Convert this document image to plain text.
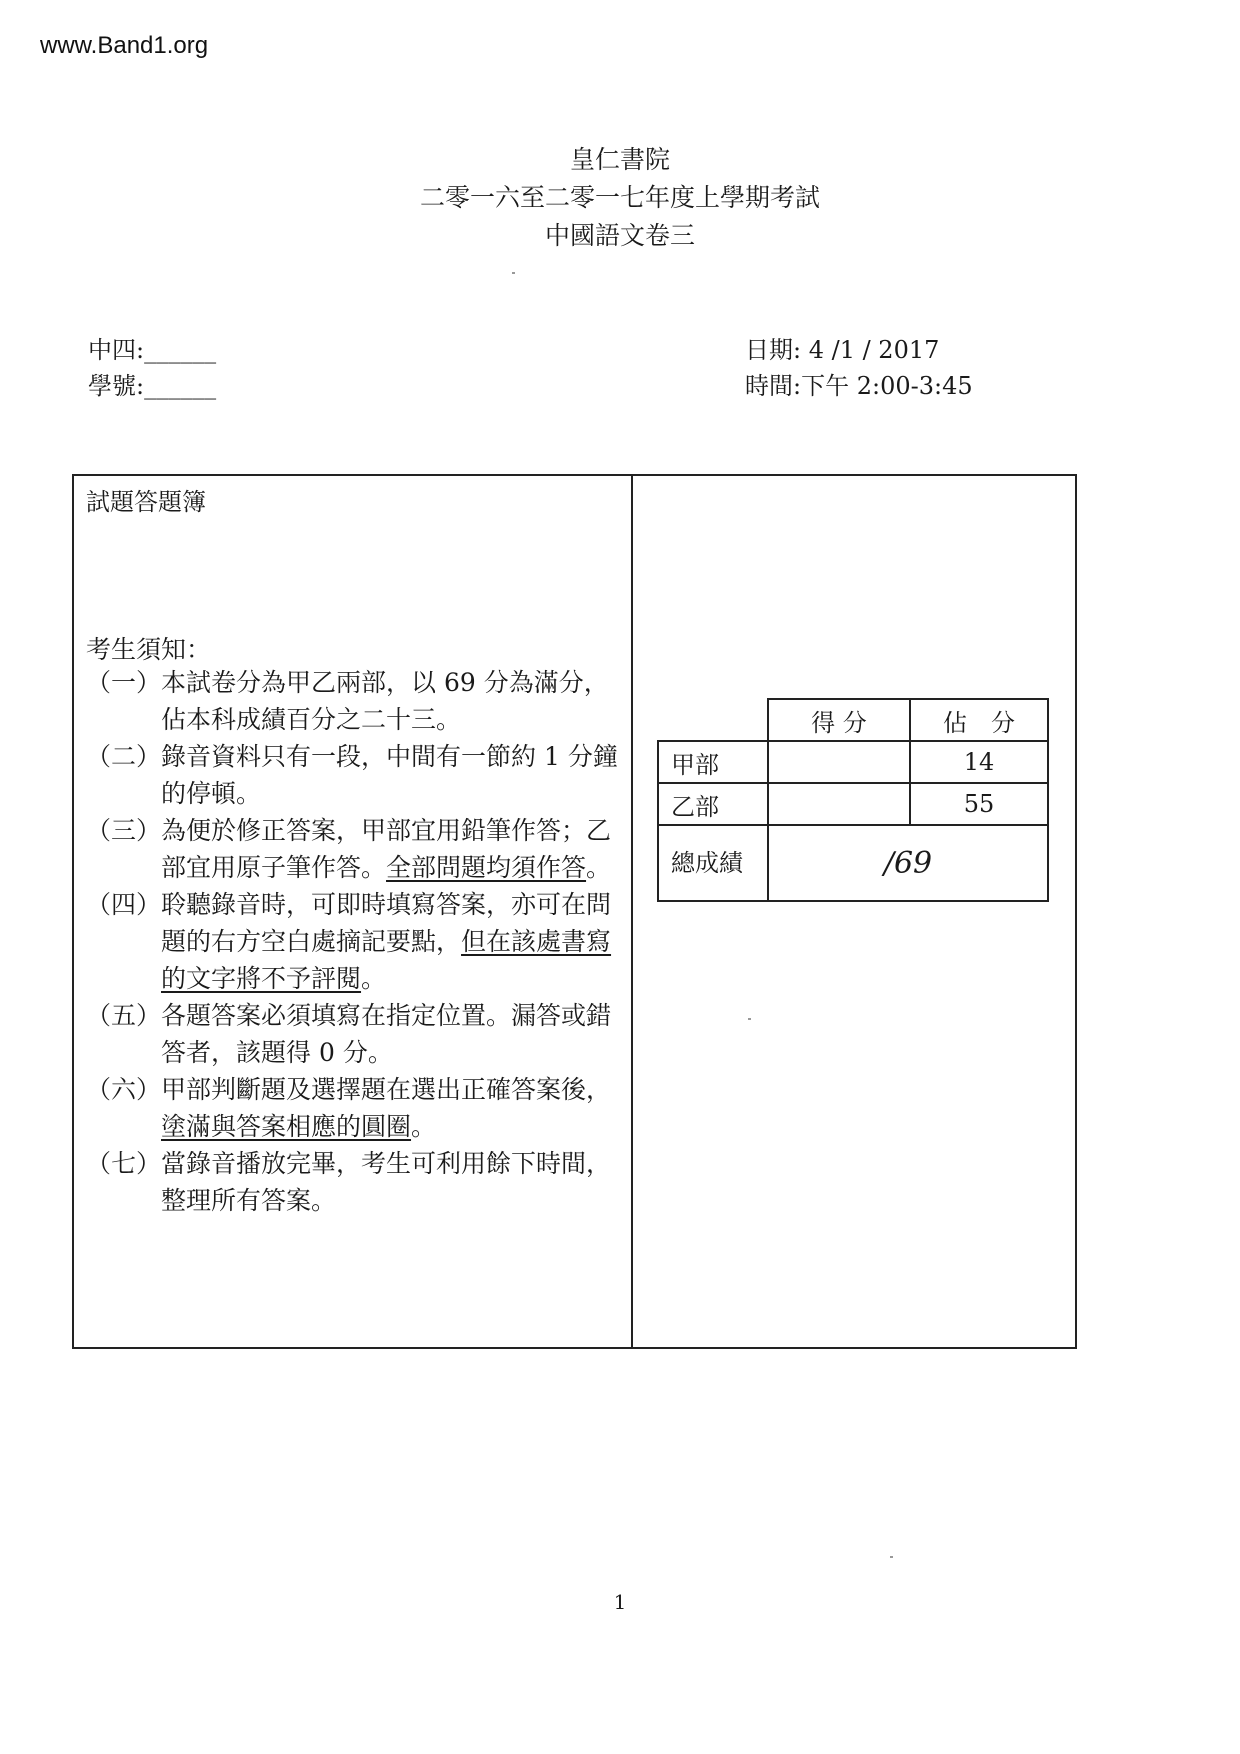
www.Band1.org
皇仁書院
二零一六至二零一七年度上學期考試
中國語文卷三
中四:______
學號:______
日期: 4 /1 / 2017
時間:下午 2:00-3:45
試題答題簿
考生須知：
（一） 本試卷分為甲乙兩部，以 69 分為滿分，佔本科成績百分之二十三。
（二） 錄音資料只有一段，中間有一節約 1 分鐘的停頓。
（三） 為便於修正答案，甲部宜用鉛筆作答；乙部宜用原子筆作答。全部問題均須作答。
（四） 聆聽錄音時，可即時填寫答案，亦可在問題的右方空白處摘記要點，但在該處書寫的文字將不予評閱。
（五） 各題答案必須填寫在指定位置。漏答或錯答者，該題得 0 分。
（六） 甲部判斷題及選擇題在選出正確答案後，塗滿與答案相應的圓圈。
（七） 當錄音播放完畢，考生可利用餘下時間，整理所有答案。
	得 分	佔　分
甲部		14
乙部		55
總成績	/69	
1
